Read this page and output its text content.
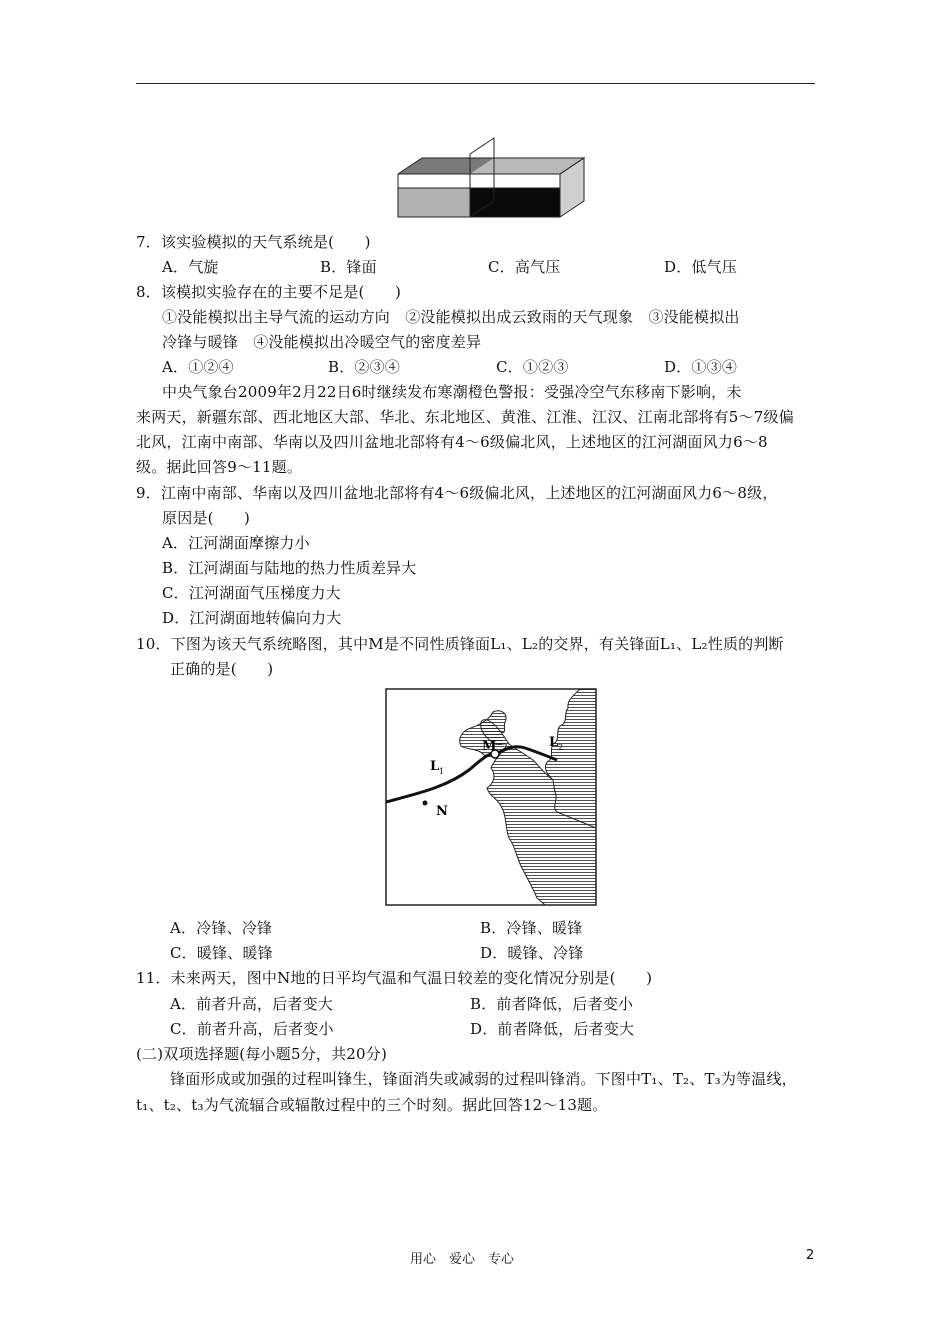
7．该实验模拟的天气系统是(　　)
A．气旋	B．锋面	C．高气压	D．低气压
8．该模拟实验存在的主要不足是(　　)
①没能模拟出主导气流的运动方向　②没能模拟出成云致雨的天气现象　③没能模拟出
冷锋与暖锋　④没能模拟出冷暖空气的密度差异
A．①②④	B．②③④	C．①②③	D．①③④
中央气象台2009年2月22日6时继续发布寒潮橙色警报：受强冷空气东移南下影响，未
来两天，新疆东部、西北地区大部、华北、东北地区、黄淮、江淮、江汉、江南北部将有5～7级偏
北风，江南中南部、华南以及四川盆地北部将有4～6级偏北风，上述地区的江河湖面风力6～8
级。据此回答9～11题。
9．江南中南部、华南以及四川盆地北部将有4～6级偏北风，上述地区的江河湖面风力6～8级，
原因是(　　)
A．江河湖面摩擦力小
B．江河湖面与陆地的热力性质差异大
C．江河湖面气压梯度力大
D．江河湖面地转偏向力大
10．下图为该天气系统略图，其中M是不同性质锋面L₁、L₂的交界，有关锋面L₁、L₂性质的判断
正确的是(　　)
M
N
L 1
L 2
A．冷锋、冷锋	B．冷锋、暖锋
C．暖锋、暖锋	D．暖锋、冷锋
11．未来两天，图中N地的日平均气温和气温日较差的变化情况分别是(　　)
A．前者升高，后者变大	B．前者降低，后者变小
C．前者升高，后者变小	D．前者降低，后者变大
(二)双项选择题(每小题5分，共20分)
锋面形成或加强的过程叫锋生，锋面消失或减弱的过程叫锋消。下图中T₁、T₂、T₃为等温线，
t₁、t₂、t₃为气流辐合或辐散过程中的三个时刻。据此回答12～13题。
用心　爱心　专心	2
